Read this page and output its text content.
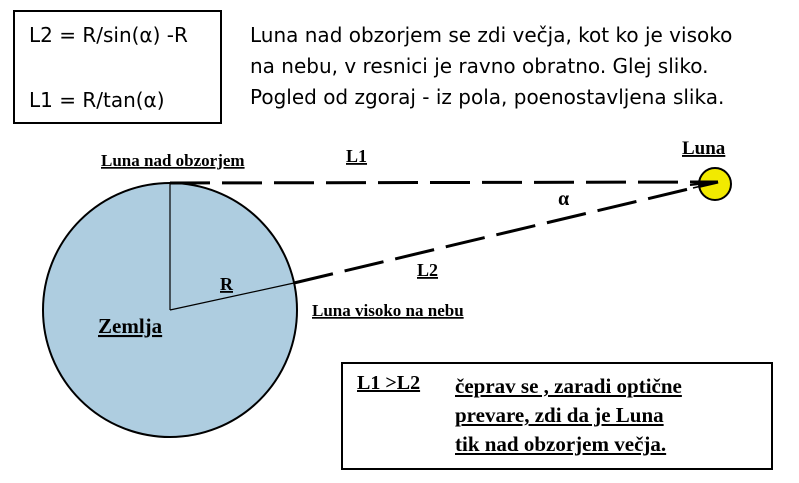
L2 = R/sin(α) -R
L1 = R/tan(α)
Luna nad obzorjem se zdi večja, kot ko je visoko
na nebu, v resnici je ravno obratno. Glej sliko.
Pogled od zgoraj - iz pola, poenostavljena slika.
Luna nad obzorjem	L1	Luna
α
R
L2
Luna visoko na nebu
Zemlja
L1 >L2 čeprav se , zaradi optične
prevare, zdi da je Luna
tik nad obzorjem večja.
